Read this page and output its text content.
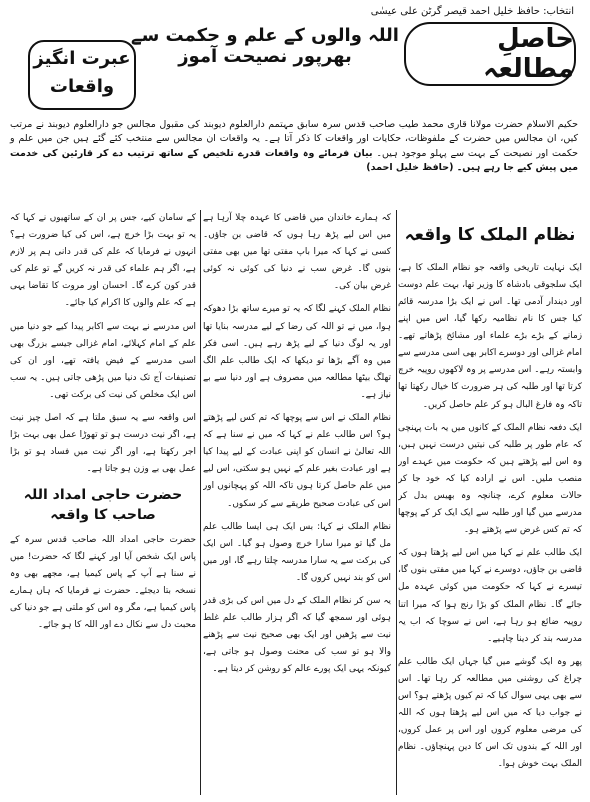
انتخاب: حافظ خلیل احمد قیصر گرٹن علی عیسٰی
حاصلِ مطالعہ
اللہ والوں کے علم و حکمت سے بھرپور نصیحت آموز
عبرت انگیز
واقعات
حکیم الاسلام حضرت مولانا قاری محمد طیب صاحب قدس سرہ سابق مہتمم دارالعلوم دیوبند کی مقبول مجالس جو دارالعلوم دیوبند نے مرتب کیں، ان مجالس میں حضرت کے ملفوظات، حکایات اور واقعات کا ذکر آتا ہے۔ یہ واقعات ان مجالس سے منتخب کئے گئے ہیں جن میں علم و حکمت اور نصیحت کے بہت سے پہلو موجود ہیں۔ بیان فرمائے وہ واقعات قدرے تلخیص کے ساتھ ترتیب دے کر قارئین کی خدمت میں پیش کیے جا رہے ہیں۔ (حافظ خلیل احمد)
نظام الملک کا واقعہ

ایک نہایت تاریخی واقعہ جو نظام الملک کا ہے، ایک سلجوقی بادشاہ کا وزیر تھا، بہت علم دوست اور دیندار آدمی تھا۔ اس نے ایک بڑا مدرسہ قائم کیا جس کا نام نظامیہ رکھا گیا، اس میں اپنے زمانے کے بڑے بڑے علماء اور مشائخ پڑھاتے تھے۔ امام غزالی اور دوسرے اکابر بھی اسی مدرسے سے وابستہ رہے۔ اس مدرسے پر وہ لاکھوں روپیہ خرچ کرتا تھا اور طلبہ کی ہر ضرورت کا خیال رکھتا تھا تاکہ وہ فارغ البال ہو کر علم حاصل کریں۔

ایک دفعہ نظام الملک کے کانوں میں یہ بات پہنچی کہ عام طور پر طلبہ کی نیتیں درست نہیں ہیں، وہ اس لیے پڑھتے ہیں کہ حکومت میں عہدے اور منصب ملیں۔ اس نے ارادہ کیا کہ خود جا کر حالات معلوم کرے، چنانچہ وہ بھیس بدل کر مدرسے میں گیا اور طلبہ سے ایک ایک کر کے پوچھا کہ تم کس غرض سے پڑھتے ہو۔

ایک طالب علم نے کہا میں اس لیے پڑھتا ہوں کہ قاضی بن جاؤں، دوسرے نے کہا میں مفتی بنوں گا، تیسرے نے کہا کہ حکومت میں کوئی عہدہ مل جائے گا۔ نظام الملک کو بڑا رنج ہوا کہ میرا اتنا روپیہ ضائع ہو رہا ہے، اس نے سوچا کہ اب یہ مدرسہ بند کر دینا چاہیے۔

پھر وہ ایک گوشے میں گیا جہاں ایک طالب علم چراغ کی روشنی میں مطالعہ کر رہا تھا۔ اس سے بھی یہی سوال کیا کہ تم کیوں پڑھتے ہو؟ اس نے جواب دیا کہ میں اس لیے پڑھتا ہوں کہ اللہ کی مرضی معلوم کروں اور اس پر عمل کروں، اور اللہ کے بندوں تک اس کا دین پہنچاؤں۔ نظام الملک بہت خوش ہوا۔

کہ ہمارے خاندان میں قاضی کا عہدہ چلا آرہا ہے میں اس لیے پڑھ رہا ہوں کہ قاضی بن جاؤں۔ کسی نے کہا کہ میرا باپ مفتی تھا میں بھی مفتی بنوں گا۔ غرض سب نے دنیا کی کوئی نہ کوئی غرض بیان کی۔

نظام الملک کہنے لگا کہ یہ تو میرے ساتھ بڑا دھوکہ ہوا، میں نے تو اللہ کی رضا کے لیے مدرسہ بنایا تھا اور یہ لوگ دنیا کے لیے پڑھ رہے ہیں۔ اسی فکر میں وہ آگے بڑھا تو دیکھا کہ ایک طالب علم الگ تھلگ بیٹھا مطالعہ میں مصروف ہے اور دنیا سے بے نیاز ہے۔

نظام الملک نے اس سے پوچھا کہ تم کس لیے پڑھتے ہو؟ اس طالب علم نے کہا کہ میں نے سنا ہے کہ اللہ تعالیٰ نے انسان کو اپنی عبادت کے لیے پیدا کیا ہے اور عبادت بغیر علم کے نہیں ہو سکتی، اس لیے میں علم حاصل کرتا ہوں تاکہ اللہ کو پہچانوں اور اس کی عبادت صحیح طریقے سے کر سکوں۔

نظام الملک نے کہا: بس ایک ہی ایسا طالب علم مل گیا تو میرا سارا خرچ وصول ہو گیا۔ اس ایک کی برکت سے یہ سارا مدرسہ چلتا رہے گا، اور میں اس کو بند نہیں کروں گا۔

یہ سن کر نظام الملک کے دل میں اس کی بڑی قدر ہوئی اور سمجھ گیا کہ اگر ہزار طالب علم غلط نیت سے پڑھیں اور ایک بھی صحیح نیت سے پڑھنے والا ہو تو سب کی محنت وصول ہو جاتی ہے، کیونکہ یہی ایک پورے عالم کو روشن کر دیتا ہے۔

کے سامان کیے، جس پر ان کے ساتھیوں نے کہا کہ یہ تو بہت بڑا خرچ ہے، اس کی کیا ضرورت ہے؟ انہوں نے فرمایا کہ علم کی قدر دانی ہم پر لازم ہے، اگر ہم علماء کی قدر نہ کریں گے تو علم کی قدر کون کرے گا۔ احسان اور مروت کا تقاضا یہی ہے کہ علم والوں کا اکرام کیا جائے۔

اس مدرسے نے بہت سے اکابر پیدا کیے جو دنیا میں علم کے امام کہلائے، امام غزالی جیسے بزرگ بھی اسی مدرسے کے فیض یافتہ تھے، اور ان کی تصنیفات آج تک دنیا میں پڑھی جاتی ہیں۔ یہ سب اس ایک مخلص کی نیت کی برکت تھی۔

اس واقعہ سے یہ سبق ملتا ہے کہ اصل چیز نیت ہے، اگر نیت درست ہو تو تھوڑا عمل بھی بہت بڑا اجر رکھتا ہے، اور اگر نیت میں فساد ہو تو بڑا عمل بھی بے وزن ہو جاتا ہے۔

حضرت حاجی امداد اللہ صاحب کا واقعہ

حضرت حاجی امداد اللہ صاحب قدس سرہ کے پاس ایک شخص آیا اور کہنے لگا کہ حضرت! میں نے سنا ہے آپ کے پاس کیمیا ہے، مجھے بھی وہ نسخہ بتا دیجئے۔ حضرت نے فرمایا کہ ہاں ہمارے پاس کیمیا ہے، مگر وہ اس کو ملتی ہے جو دنیا کی محبت دل سے نکال دے اور اللہ کا ہو جائے۔
